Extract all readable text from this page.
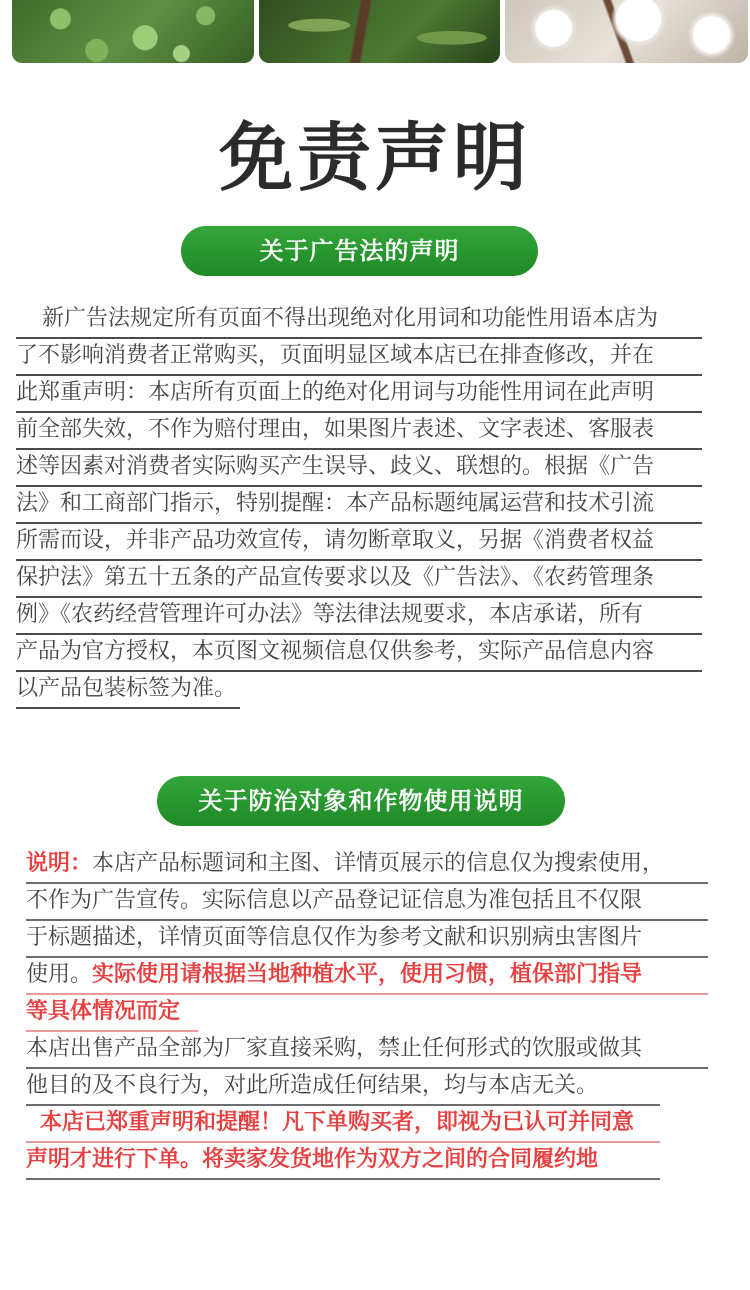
免责声明
关于广告法的声明

新广告法规定所有页面不得出现绝对化用词和功能性用语本店为
了不影响消费者正常购买，页面明显区域本店已在排查修改，并在
此郑重声明：本店所有页面上的绝对化用词与功能性用词在此声明
前全部失效，不作为赔付理由，如果图片表述、文字表述、客服表
述等因素对消费者实际购买产生误导、歧义、联想的。根据《广告
法》和工商部门指示，特别提醒：本产品标题纯属运营和技术引流
所需而设，并非产品功效宣传，请勿断章取义，另据《消费者权益
保护法》第五十五条的产品宣传要求以及《广告法》、《农药管理条
例》《农药经营管理许可办法》等法律法规要求，本店承诺，所有
产品为官方授权，本页图文视频信息仅供参考，实际产品信息内容
以产品包装标签为准。

关于防治对象和作物使用说明

说明：本店产品标题词和主图、详情页展示的信息仅为搜索使用，
不作为广告宣传。实际信息以产品登记证信息为准包括且不仅限
于标题描述，详情页面等信息仅作为参考文献和识别病虫害图片
使用。实际使用请根据当地种植水平，使用习惯，植保部门指导
等具体情况而定
本店出售产品全部为厂家直接采购，禁止任何形式的饮服或做其
他目的及不良行为，对此所造成任何结果，均与本店无关。
本店已郑重声明和提醒！凡下单购买者，即视为已认可并同意
声明才进行下单。将卖家发货地作为双方之间的合同履约地
